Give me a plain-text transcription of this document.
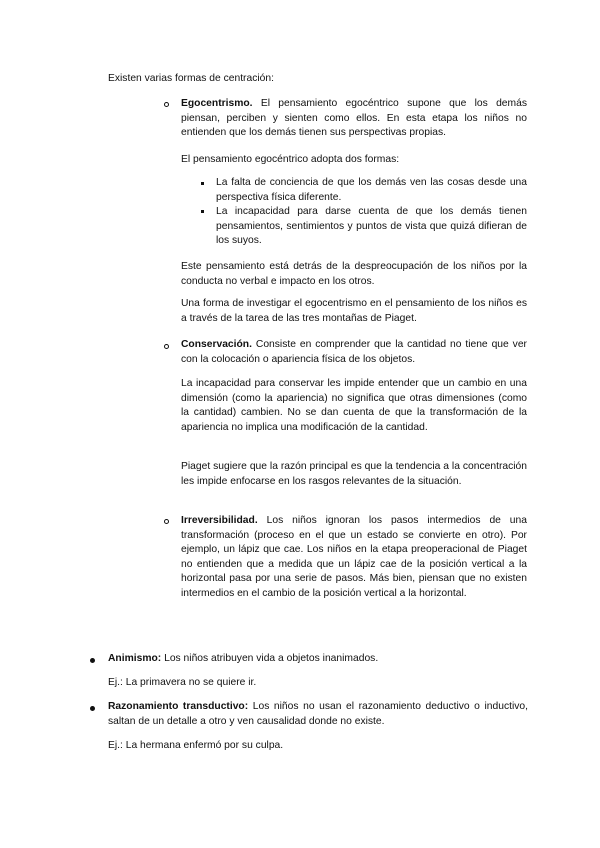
Existen varias formas de centración:

Egocentrismo. El pensamiento egocéntrico supone que los demás piensan, perciben y sienten como ellos. En esta etapa los niños no entienden que los demás tienen sus perspectivas propias.

El pensamiento egocéntrico adopta dos formas:

La falta de conciencia de que los demás ven las cosas desde una perspectiva física diferente.

La incapacidad para darse cuenta de que los demás tienen pensamientos, sentimientos y puntos de vista que quizá difieran de los suyos.

Este pensamiento está detrás de la despreocupación de los niños por la conducta no verbal e impacto en los otros.

Una forma de investigar el egocentrismo en el pensamiento de los niños es a través de la tarea de las tres montañas de Piaget.

Conservación. Consiste en comprender que la cantidad no tiene que ver con la colocación o apariencia física de los objetos.

La incapacidad para conservar les impide entender que un cambio en una dimensión (como la apariencia) no significa que otras dimensiones (como la cantidad) cambien. No se dan cuenta de que la transformación de la apariencia no implica una modificación de la cantidad.

Piaget sugiere que la razón principal es que la tendencia a la concentración les impide enfocarse en los rasgos relevantes de la situación.

Irreversibilidad. Los niños ignoran los pasos intermedios de una transformación (proceso en el que un estado se convierte en otro). Por ejemplo, un lápiz que cae. Los niños en la etapa preoperacional de Piaget no entienden que a medida que un lápiz cae de la posición vertical a la horizontal pasa por una serie de pasos. Más bien, piensan que no existen intermedios en el cambio de la posición vertical a la horizontal.

Animismo: Los niños atribuyen vida a objetos inanimados.

Ej.: La primavera no se quiere ir.

Razonamiento transductivo: Los niños no usan el razonamiento deductivo o inductivo, saltan de un detalle a otro y ven causalidad donde no existe.

Ej.: La hermana enfermó por su culpa.
